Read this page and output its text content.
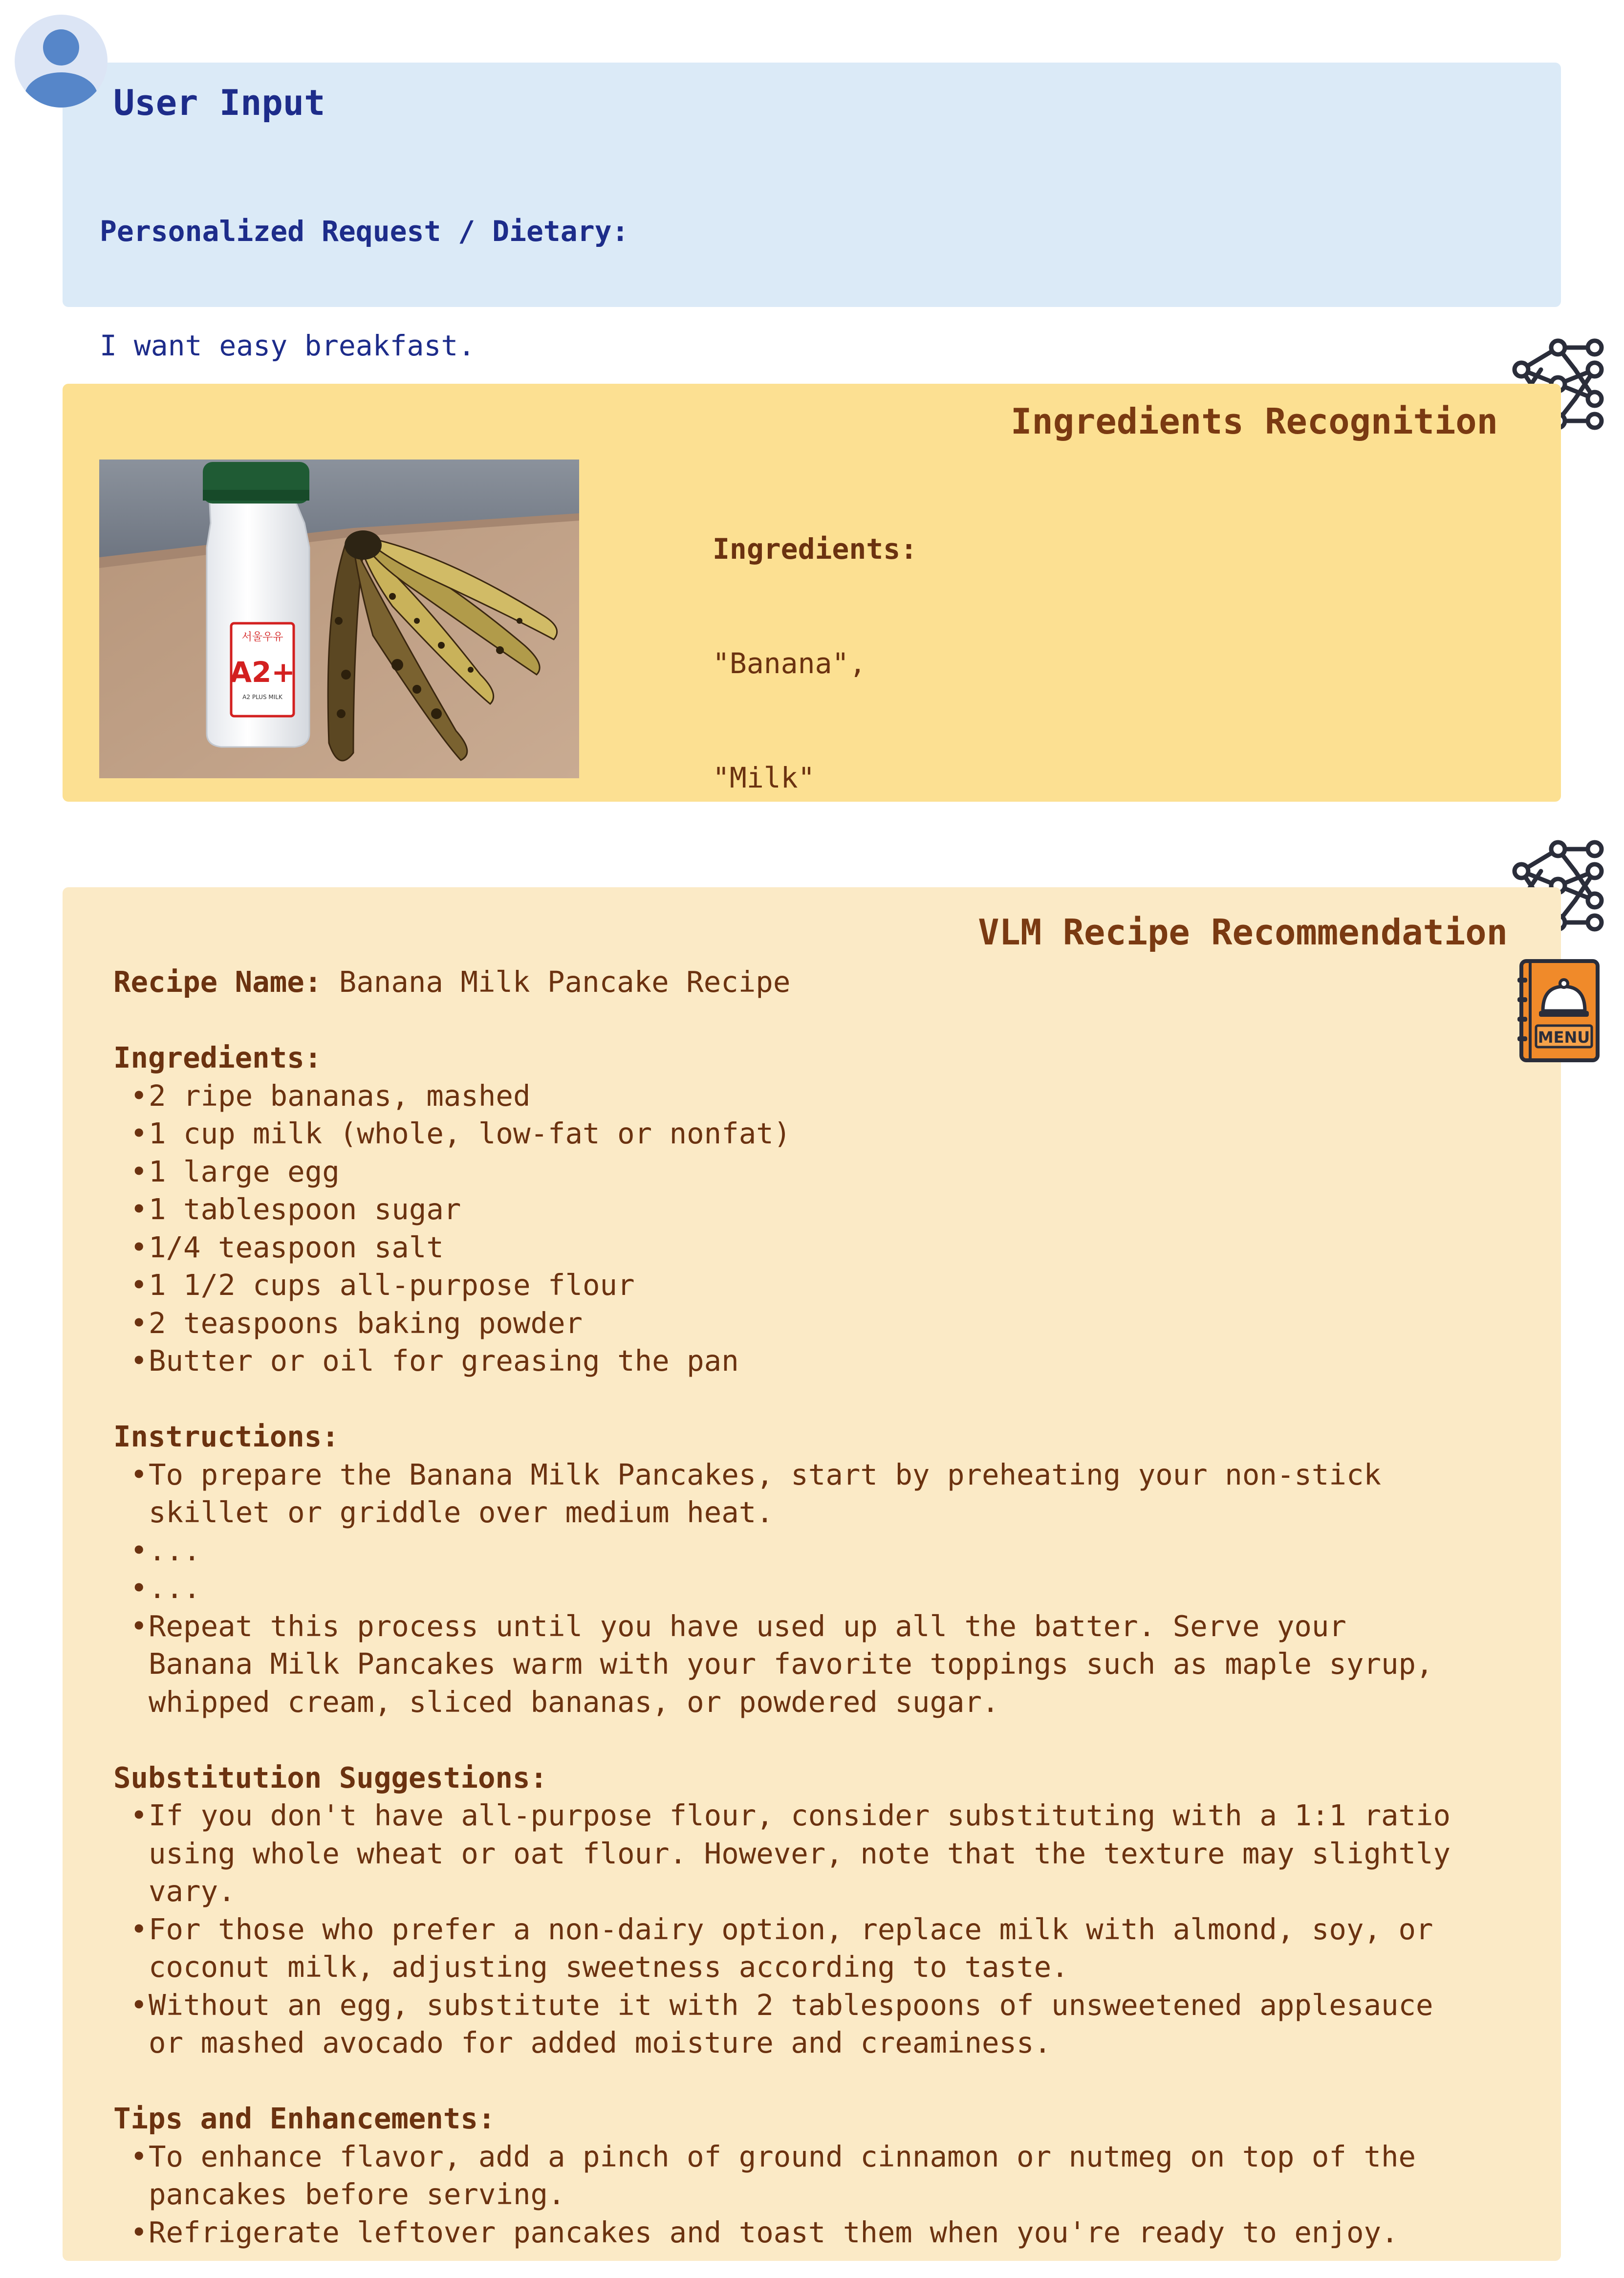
User Input

Personalized Request / Dietary:

I want easy breakfast.

Ingredients Recognition
서울우유
A2+
A2 PLUS MILK

Ingredients:

"Banana",

"Milk"

VLM Recipe Recommendation
MENU
Recipe Name: Banana Milk Pancake Recipe
Ingredients:
• 2 ripe bananas, mashed
• 1 cup milk (whole, low-fat or nonfat)
• 1 large egg
• 1 tablespoon sugar
• 1/4 teaspoon salt
• 1 1/2 cups all-purpose flour
• 2 teaspoons baking powder
• Butter or oil for greasing the pan
Instructions:
• To prepare the Banana Milk Pancakes, start by preheating your non-stick
skillet or griddle over medium heat.
• ...
• ...
• Repeat this process until you have used up all the batter. Serve your
Banana Milk Pancakes warm with your favorite toppings such as maple syrup,
whipped cream, sliced bananas, or powdered sugar.
Substitution Suggestions:
• If you don't have all-purpose flour, consider substituting with a 1:1 ratio
using whole wheat or oat flour. However, note that the texture may slightly
vary.
• For those who prefer a non-dairy option, replace milk with almond, soy, or
coconut milk, adjusting sweetness according to taste.
• Without an egg, substitute it with 2 tablespoons of unsweetened applesauce
or mashed avocado for added moisture and creaminess.
Tips and Enhancements:
• To enhance flavor, add a pinch of ground cinnamon or nutmeg on top of the
pancakes before serving.
• Refrigerate leftover pancakes and toast them when you're ready to enjoy.
